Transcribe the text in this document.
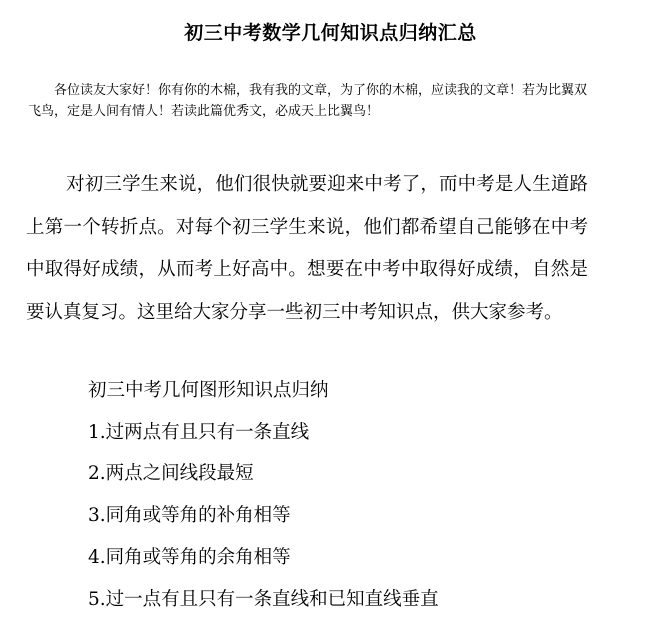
初三中考数学几何知识点归纳汇总

各位读友大家好！你有你的木棉，我有我的文章，为了你的木棉，应读我的文章！若为比翼双飞鸟，定是人间有情人！若读此篇优秀文，必成天上比翼鸟！

对初三学生来说，他们很快就要迎来中考了，而中考是人生道路上第一个转折点。对每个初三学生来说，他们都希望自己能够在中考中取得好成绩，从而考上好高中。想要在中考中取得好成绩，自然是要认真复习。这里给大家分享一些初三中考知识点，供大家参考。

初三中考几何图形知识点归纳
1.过两点有且只有一条直线
2.两点之间线段最短
3.同角或等角的补角相等
4.同角或等角的余角相等
5.过一点有且只有一条直线和已知直线垂直
